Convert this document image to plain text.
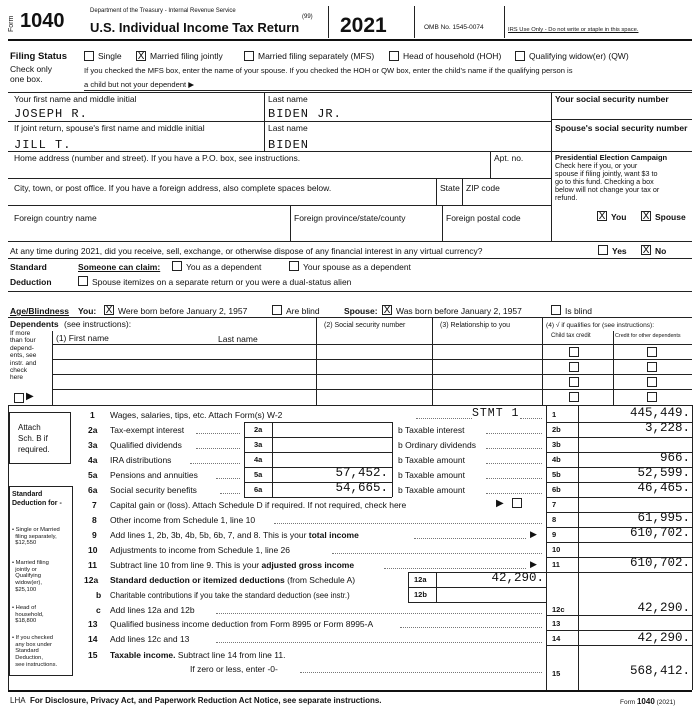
Form 1040	Department of the Treasury - Internal Revenue Service
U.S. Individual Income Tax Return
(99) 2021	OMB No. 1545-0074	IRS Use Only - Do not write or staple in this space.
Filing Status
Check only
one box.
Single X Married filing jointly	Married filing separately (MFS)	Head of household (HOH)	Qualifying widow(er) (QW)
If you checked the MFS box, enter the name of your spouse. If you checked the HOH or QW box, enter the child's name if the qualifying person is
a child but not your dependent ▶
Your first name and middle initial	Last name	Your social security number
JOSEPH R.	BIDEN JR.
If joint return, spouse's first name and middle initial	Last name	Spouse's social security number
JILL T.	BIDEN
Home address (number and street). If you have a P.O. box, see instructions.	Apt. no.
City, town, or post office. If you have a foreign address, also complete spaces below.	State ZIP code
Foreign country name	Foreign province/state/county	Foreign postal code
Presidential Election Campaign
Check here if you, or your
spouse if filing jointly, want $3 to
go to this fund. Checking a box
below will not change your tax or
refund.
X You X Spouse
At any time during 2021, did you receive, sell, exchange, or otherwise dispose of any financial interest in any virtual currency?	Yes X No
Standard
Deduction
Someone can claim:	You as a dependent	Your spouse as a dependent
Spouse itemizes on a separate return or you were a dual-status alien
Age/Blindness You: X Were born before January 2, 1957	Are blind	Spouse: X Was born before January 2, 1957	Is blind
Dependents (see instructions):
If more
than four
depend-
ents, see
instr. and
check
here
▶
(1) First name	Last name
(2) Social security number	(3) Relationship to you	(4) √ if qualifies for (see instructions):
Child tax credit	Credit for other dependents
Attach
Sch. B if
required.
Standard
Deduction for -

• Single or Married
filing separately,
$12,550

• Married filing
jointly or
Qualifying
widow(er),
$25,100

• Head of
household,
$18,800

• If you checked
any box under
Standard
Deduction,
see instructions.

1 Wages, salaries, tips, etc. Attach Form(s) W-2	STMT 1	1	445,449.
2a Tax-exempt interest	2a	b Taxable interest	2b	3,228.
3a Qualified dividends	3a	b Ordinary dividends	3b
4a IRA distributions	4a	b Taxable amount	4b	966.
5a Pensions and annuities	5a	57,452. b Taxable amount	5b	52,599.
6a Social security benefits	6a	54,665. b Taxable amount	6b	46,465.
7 Capital gain or (loss). Attach Schedule D if required. If not required, check here	▶	7
8 Other income from Schedule 1, line 10	8	61,995.
9 Add lines 1, 2b, 3b, 4b, 5b, 6b, 7, and 8. This is your total income	▶ 9	610,702.
10 Adjustments to income from Schedule 1, line 26	10
11 Subtract line 10 from line 9. This is your adjusted gross income	▶ 11	610,702.
12a Standard deduction or itemized deductions (from Schedule A)	12a	42,290.
b Charitable contributions if you take the standard deduction (see instr.)	12b
c Add lines 12a and 12b	12c	42,290.
13 Qualified business income deduction from Form 8995 or Form 8995-A	13
14 Add lines 12c and 13	14	42,290.
15 Taxable income. Subtract line 14 from line 11.
If zero or less, enter -0-	15	568,412.
LHA For Disclosure, Privacy Act, and Paperwork Reduction Act Notice, see separate instructions.	Form 1040 (2021)
